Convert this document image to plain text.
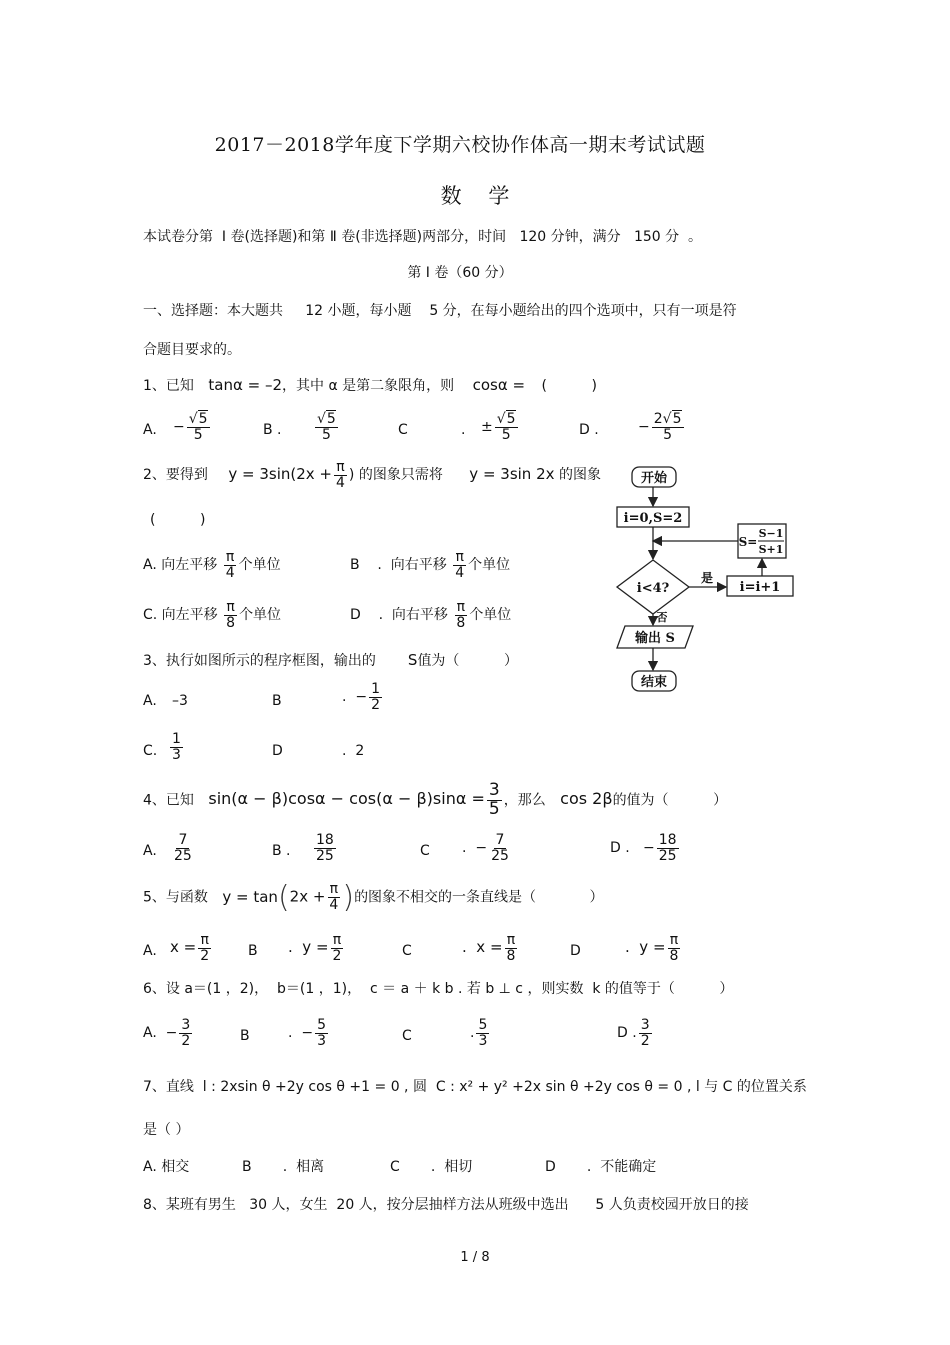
2017－2018学年度下学期六校协作体高一期末考试试题
数    学
本试卷分第  Ⅰ 卷(选择题)和第 Ⅱ 卷(非选择题)两部分，时间   120 分钟，满分   150 分  。
第 Ⅰ 卷（60 分）
一、选择题：本大题共     12 小题，每小题    5 分，在每小题给出的四个选项中，只有一项是符
合题目要求的。
1、已知 tanα = –2，其中 α 是第二象限角，则 cosα = (          )
A. − √ $\frac{5}{5}$	B . √ $\frac{5}{5}$	C	. ± √ $\frac{5}{5}$	D .	− $\frac{2 √ 5}{5}$
2、要得到 $y = 3\sin(2x + \frac{\pi}{4}$ ) 的图象只需将 y = 3sin 2x 的图象
(          )
A. 向左平移 $\frac{\pi}{4}$ 个单位	B    .  向右平移 $\frac{\pi}{4}$ 个单位
C. 向左平移 $\frac{\pi}{8}$ 个单位	D    .  向右平移 $\frac{\pi}{8}$ 个单位
3、执行如图所示的程序框图，输出的 S值为（          ）
A. –3	B	.  − $\frac{1}{2}$
C. $\frac{1}{3}$	D	.  2
开始
i=0,S=2
S=
S−1
S+1
i<4?
是
否
i=i+1
输出 S
结束
4、已知 $\sin(\alpha - \beta)\cos\alpha - \cos(\alpha - \beta)\sin\alpha = \frac{3}{5}$ ，那么 cos 2β的值为（          ）
A. $\frac{7}{25}$	B . $\frac{18}{25}$	C .  − $\frac{7}{25}$	D .   − $\frac{18}{25}$
5、与函数 $y = \tan(2x + \frac{\pi}{4}$ )的图象不相交的一条直线是（            ）
A. $x = \frac{\pi}{2}$	B .  $y = \frac{\pi}{2}$	C	.  $x = \frac{\pi}{8}$	D	.  $y = \frac{\pi}{8}$
6、设 a＝(1 ，2)，  b＝(1 ，1)，  c ＝ a ＋ k b . 若 b ⊥ c ，则实数  k 的值等于（          ）
A.  − $\frac{3}{2}$	B	.  − $\frac{5}{3}$	C	. $\frac{5}{3}$	D . $\frac{3}{2}$
7、直线  l : 2xsin θ +2y cos θ +1 = 0 , 圆  C : x² + y² +2x sin θ +2y cos θ = 0 , l 与 C 的位置关系
是（ ）
A. 相交	B       .  相离	C       .  相切	D       .  不能确定
8、某班有男生   30 人，女生  20 人，按分层抽样方法从班级中选出      5 人负责校园开放日的接
1 / 8
